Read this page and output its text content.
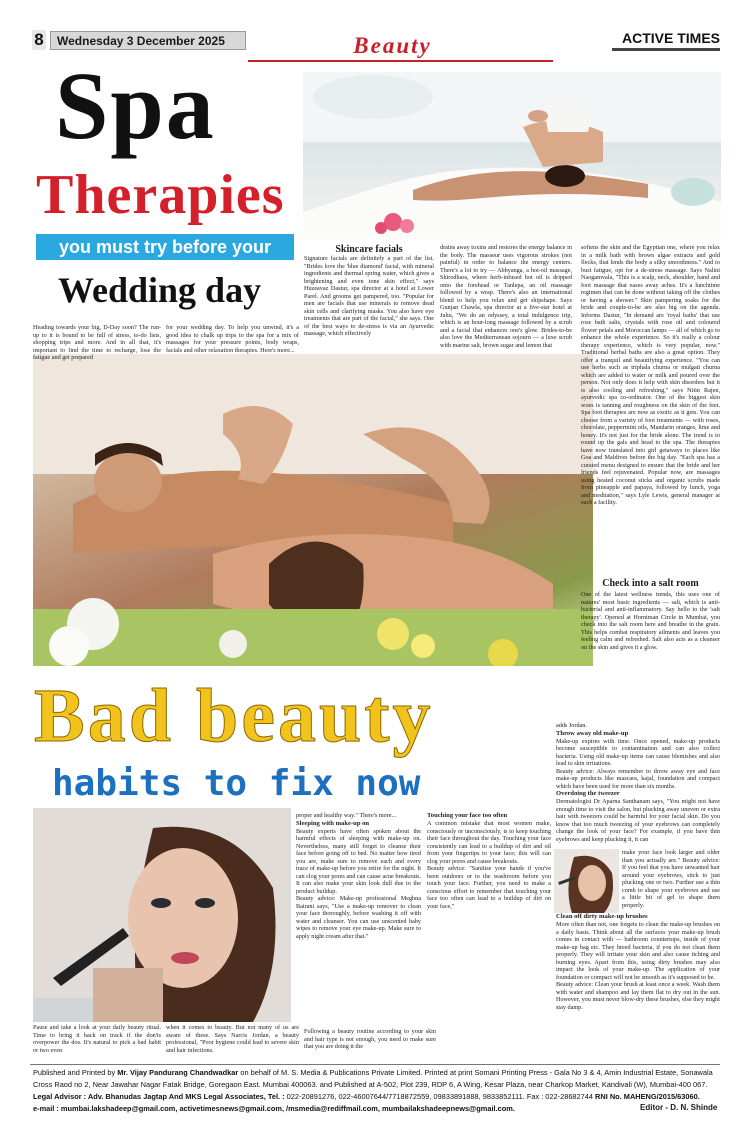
8	Wednesday 3 December 2025	Beauty	ACTIVE TIMES
Spa
Therapies
you must try before your
Wedding day
Heading towards your big, D-Day soon? The run-up to it is bound to be full of stress, to-do lists, shopping trips and more. And in all that, it's important to find the time to recharge, lose the fatigue and get prepared
for your wedding day. To help you unwind, it's a good idea to chalk up trips to the spa for a mix of massages for your pressure points, body wraps, facials and other relaxation therapies. Here's more...
Skincare facials
Signature facials are definitely a part of the list. "Brides love the 'blue diamond' facial, with mineral ingredients and thermal spring water, which gives a brightening and even tone skin effect," says Huzeavaz Dastur, spa director at a hotel at Lower Parel. And grooms get pampered, too. "Popular for men are facials that use minerals to remove dead skin cells and clarifying masks. You also have eye treatments that are part of the facial," she says. One of the best ways to de-stress is via an Ayurvedic massage, which effectively
drains away toxins and restores the energy balance in the body. The masseur uses vigorous strokes (not painful) in order to balance the energy centers. There's a lot to try — Abhyanga, a hot-oil massage, Shirodhara, where herb-infused hot oil is dripped onto the forehead or Tanlepa, an oil massage followed by a wrap. There's also an international blend to help you relax and get shipshape. Says Gunjan Chawla, spa director at a five-star hotel at Juhu, "We do an odyssey, a total indulgence trip, which is an hour-long massage followed by a scrub and a facial that enhances one's glow. Brides-to-be also love the Mediterranean sojourn — a luxe scrub with marine salt, brown sugar and lemon that
softens the skin and the Egyptian one, where you relax in a milk bath with brown algae extracts and gold flecks, that lends the body a silky smoothness." And to bust fatigue, opt for a de-stress massage. Says Nalini Naogamvala, "This is a scalp, neck, shoulder, hand and foot massage that eases away aches. It's a lunchtime regimen that can be done without taking off the clothes or having a shower." Skin pampering soaks for the bride and couple-to-be are also big on the agenda. Informs Dastur, "In demand are 'royal baths' that use rose bath salts, crystals with rose oil and coloured flower petals and Moroccan lamps — all of which go to enhance the whole experience. So it's really a colour therapy experience, which is very popular, now." Traditional herbal baths are also a great option. They offer a tranquil and beautifying experience. "You can use herbs such as triphala churna or mulgati churna which are added to water or milk and poured over the person. Not only does it help with skin disorders but it is also cooling and refreshing," says Nitin Rajen, ayurvedic spa co-ordinator. One of the biggest skin woes is tanning and roughness on the skin of the feet. Spa foot therapies are now as exotic as it gets. You can choose from a variety of foot treatments — with roses, chocolate, peppermint oils, Mandarin oranges, lime and honey. It's not just for the bride alone. The trend is to round up the gals and head to the spa. The therapies have now translated into girl getaways to places like Goa and Maldives before the big day. "Each spa has a curated menu designed to ensure that the bride and her friends feel rejuvenated. Popular now, are massages using heated coconut sticks and organic scrubs made from pineapple and papaya, followed by lunch, yoga and meditation," says Lyle Lewis, general manager at such a facility.
Check into a salt room
One of the latest wellness trends, this uses one of natures' most basic ingredients — salt, which is anti-bacterial and anti-inflammatory. Say hello to the 'salt therapy'. Opened at Horniman Circle in Mumbai, you check into the salt room here and breathe in the grain. This helps combat respiratory ailments and leaves you feeling calm and refreshed. Salt also acts as a cleanser on the skin and gives it a glow.
Bad beauty
habits to fix now
proper and healthy way." There's more...
Sleeping with make-up on
Beauty experts have often spoken about the harmful effects of sleeping with make-up on. Nevertheless, many still forget to cleanse their face before going off to bed. No matter how tired you are, make sure to remove each and every trace of make-up before you retire for the night. It can clog your pores and can cause acne breakouts. It can also make your skin look dull due to the product buildup.
Beauty advice: Make-up professional Meghna Bairani says, "Use a make-up remover to clean your face thoroughly, before washing it off with water and cleanser. You can use unscented baby wipes to remove your eye make-up. Make sure to apply night cream after that."
Touching your face too often
A common mistake that most women make, consciously or unconsciously, is to keep touching their face throughout the day. Touching your face consistently can lead to a buildup of dirt and oil from your fingertips to your face; this will can clog your pores and cause breakouts.
Beauty advice: "Sanitise your hands if you've been outdoors or to the washroom before you touch your face. Further, you need to make a conscious effort to remember that touching your face too often can lead to a buildup of dirt on your face,"
adds Jordan.
Throw away old make-up
Make-up expires with time. Once opened, make-up products become susceptible to contamination and can also collect bacteria. Using old make-up items can cause blemishes and also lead to skin irritations.
Beauty advice: Always remember to throw away eye and face make-up products like mascara, kajal, foundation and compact which have been used for more than six months.
Overdoing the tweezer
Dermatologist Dr Aparna Santhanam says, "You might not have enough time to visit the salon, but plucking away uneven or extra hair with tweezers could be harmful for your facial skin. Do you know that too much tweezing of your eyebrows can completely change the look of your face? For example, if you have thin eyebrows and keep plucking it, it can
make your face look larger and older than you actually are." Beauty advice: If you feel that you have unwanted hair around your eyebrows, stick to just plucking one or two. Further use a thin comb to shape your eyebrows and use a little bit of gel to shape them properly.
Clean off dirty make-up brushes
More often than not, one forgets to clean the make-up brushes on a daily basis. Think about all the surfaces your make-up brush comes in contact with — bathroom countertops, inside of your make-up bag etc. They breed bacteria, if you do not clean them properly. They will irritate your skin and also cause itching and burning eyes. Apart from this, using dirty brushes may also impact the look of your make-up. The application of your foundation or compact will not be smooth as it's supposed to be.
Beauty advice: Clean your brush at least once a week. Wash them with water and shampoo and lay them flat to dry out in the sun. However, you must never blow-dry these brushes, else they might stay damp.
Pause and take a look at your daily beauty ritual. Time to bring it back on track if the don'ts overpower the dos. It's natural to pick a bad habit or two even
when it comes to beauty. But not many of us are aware of these. Says Narcis Jordan, a beauty professional, "Poor hygiene could lead to severe skin and hair infections.
Following a beauty routine according to your skin and hair type is not enough, you need to make sure that you are doing it the
Published and Printed by Mr. Vijay Pandurang Chandwadkar on behalf of M. S. Media & Publications Private Limited. Printed at print Somani Printing Press - Gala No 3 & 4, Amin Industrial Estate, Sonawala
Cross Raod no 2, Near Jawahar Nagar Fatak Bridge, Goregaon East. Mumbai 400063. and Published at A-502, Plot 239, RDP 6, A Wing, Kesar Plaza, near Charkop Market, Kandivali (W), Mumbai-400 067.
Legal Advisor : Adv. Bhanudas Jagtap And MKS Legal Associates, Tel. : 022-20891276, 022-46007644/7718872559, 09833891888, 9833852111. Fax : 022-28682744 RNI No. MAHENG/2015/63060.
e-mail : mumbai.lakshadeep@gmail.com, activetimesnews@gmail.com, /msmedia@rediffmail.com, mumbailakshadeepnews@gmail.com.	Editor - D. N. Shinde
